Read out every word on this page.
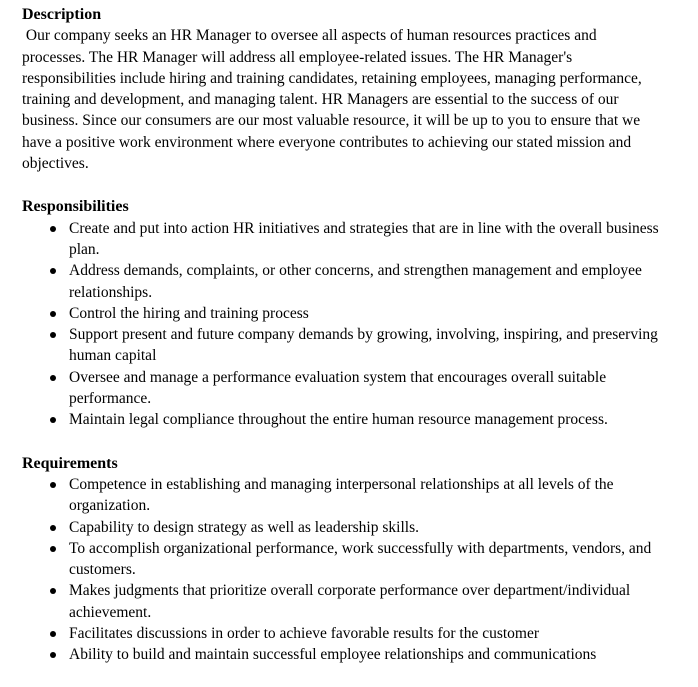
Description

Our company seeks an HR Manager to oversee all aspects of human resources practices and processes. The HR Manager will address all employee-related issues. The HR Manager's responsibilities include hiring and training candidates, retaining employees, managing performance, training and development, and managing talent. HR Managers are essential to the success of our business. Since our consumers are our most valuable resource, it will be up to you to ensure that we have a positive work environment where everyone contributes to achieving our stated mission and objectives.

Responsibilities
Create and put into action HR initiatives and strategies that are in line with the overall business plan.
Address demands, complaints, or other concerns, and strengthen management and employee relationships.
Control the hiring and training process
Support present and future company demands by growing, involving, inspiring, and preserving human capital
Oversee and manage a performance evaluation system that encourages overall suitable performance.
Maintain legal compliance throughout the entire human resource management process.
Requirements
Competence in establishing and managing interpersonal relationships at all levels of the organization.
Capability to design strategy as well as leadership skills.
To accomplish organizational performance, work successfully with departments, vendors, and customers.
Makes judgments that prioritize overall corporate performance over department/individual achievement.
Facilitates discussions in order to achieve favorable results for the customer
Ability to build and maintain successful employee relationships and communications
